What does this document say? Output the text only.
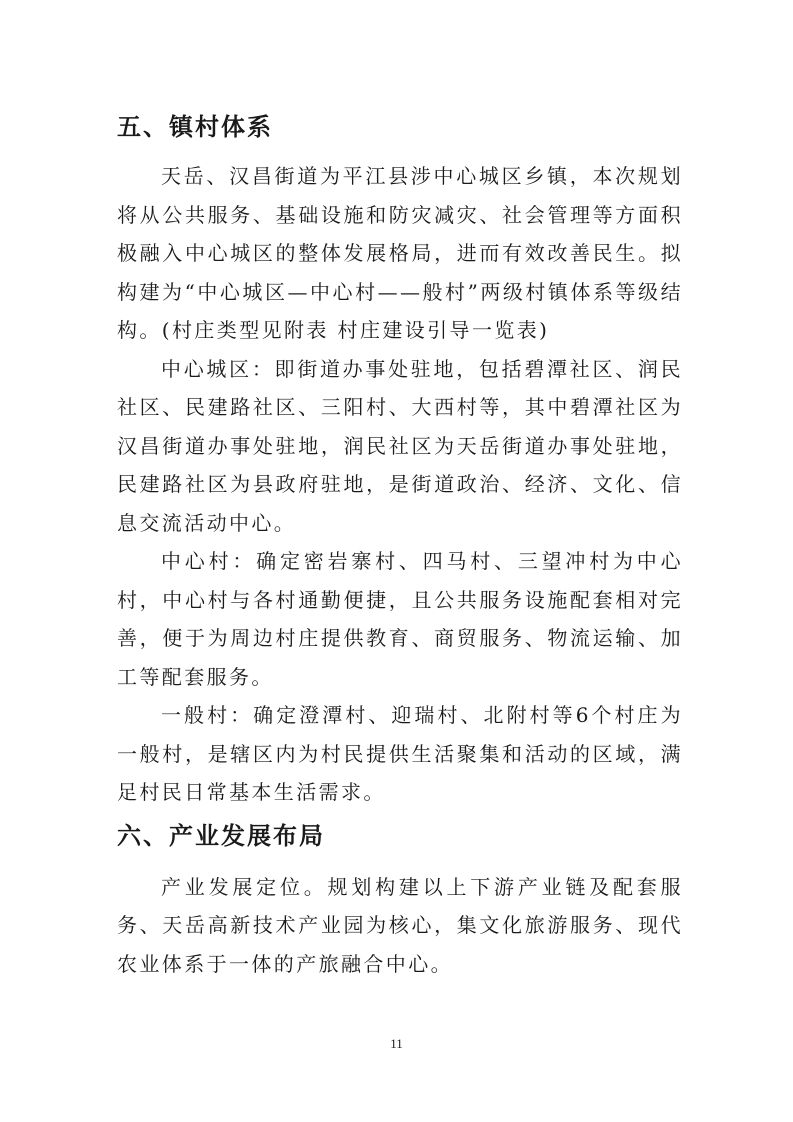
五、镇村体系

天岳、汉昌街道为平江县涉中心城区乡镇，本次规划将从公共服务、基础设施和防灾减灾、社会管理等方面积极融入中心城区的整体发展格局，进而有效改善民生。拟构建为“中心城区—中心村——般村”两级村镇体系等级结构。(村庄类型见附表 村庄建设引导一览表)

中心城区：即街道办事处驻地，包括碧潭社区、润民社区、民建路社区、三阳村、大西村等，其中碧潭社区为汉昌街道办事处驻地，润民社区为天岳街道办事处驻地，民建路社区为县政府驻地，是街道政治、经济、文化、信息交流活动中心。

中心村：确定密岩寨村、四马村、三望冲村为中心村，中心村与各村通勤便捷，且公共服务设施配套相对完善，便于为周边村庄提供教育、商贸服务、物流运输、加工等配套服务。

一般村：确定澄潭村、迎瑞村、北附村等6个村庄为一般村，是辖区内为村民提供生活聚集和活动的区域，满足村民日常基本生活需求。

六、产业发展布局

产业发展定位。规划构建以上下游产业链及配套服务、天岳高新技术产业园为核心，集文化旅游服务、现代农业体系于一体的产旅融合中心。

11
